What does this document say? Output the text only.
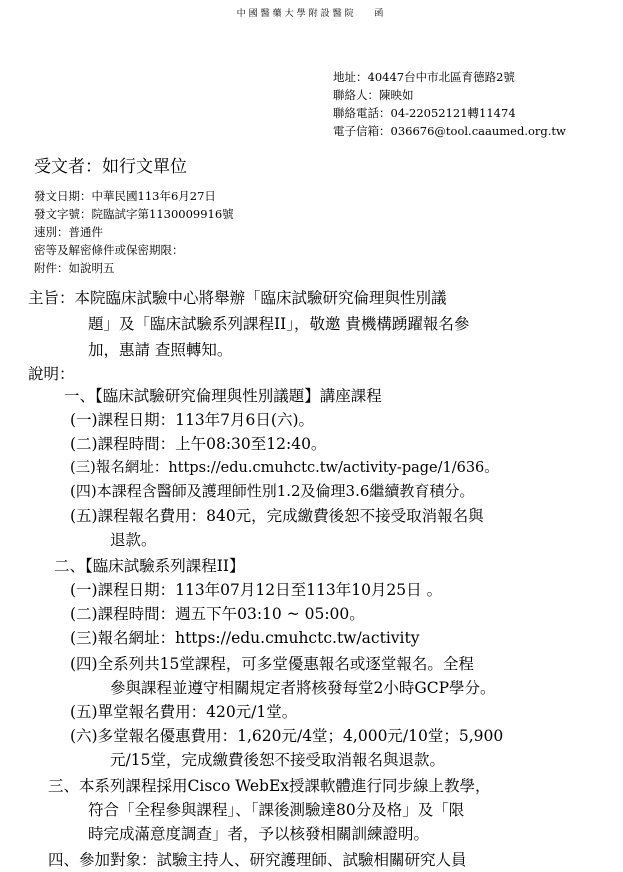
中國醫藥大學附設醫院　 函
地址：40447台中市北區育德路2號
聯絡人：陳映如
聯絡電話：04-22052121轉11474
電子信箱：036676@tool.caaumed.org.tw
受文者：如行文單位
發文日期：中華民國113年6月27日
發文字號：院臨試字第1130009916號
速別：普通件
密等及解密條件或保密期限：
附件：如說明五
主旨：本院臨床試驗中心將舉辦「臨床試驗研究倫理與性別議
題」及「臨床試驗系列課程II」，敬邀 貴機構踴躍報名參
加，惠請 查照轉知。
說明：
一、【臨床試驗研究倫理與性別議題】講座課程
(一)課程日期：113年7月6日(六)。
(二)課程時間：上午08:30至12:40。
(三)報名網址：https://edu.cmuhctc.tw/activity-page/1/636。
(四)本課程含醫師及護理師性別1.2及倫理3.6繼續教育積分。
(五)課程報名費用：840元，完成繳費後恕不接受取消報名與
退款。
二、【臨床試驗系列課程II】
(一)課程日期：113年07月12日至113年10月25日 。
(二)課程時間：週五下午03:10 ~ 05:00。
(三)報名網址：https://edu.cmuhctc.tw/activity
(四)全系列共15堂課程，可多堂優惠報名或逐堂報名。全程
參與課程並遵守相關規定者將核發每堂2小時GCP學分。
(五)單堂報名費用：420元/1堂。
(六)多堂報名優惠費用：1,620元/4堂；4,000元/10堂；5,900
元/15堂，完成繳費後恕不接受取消報名與退款。
三、本系列課程採用Cisco WebEx授課軟體進行同步線上教學，
符合「全程參與課程」、「課後測驗達80分及格」及「限
時完成滿意度調查」者，予以核發相關訓練證明。
四、參加對象：試驗主持人、研究護理師、試驗相關研究人員
